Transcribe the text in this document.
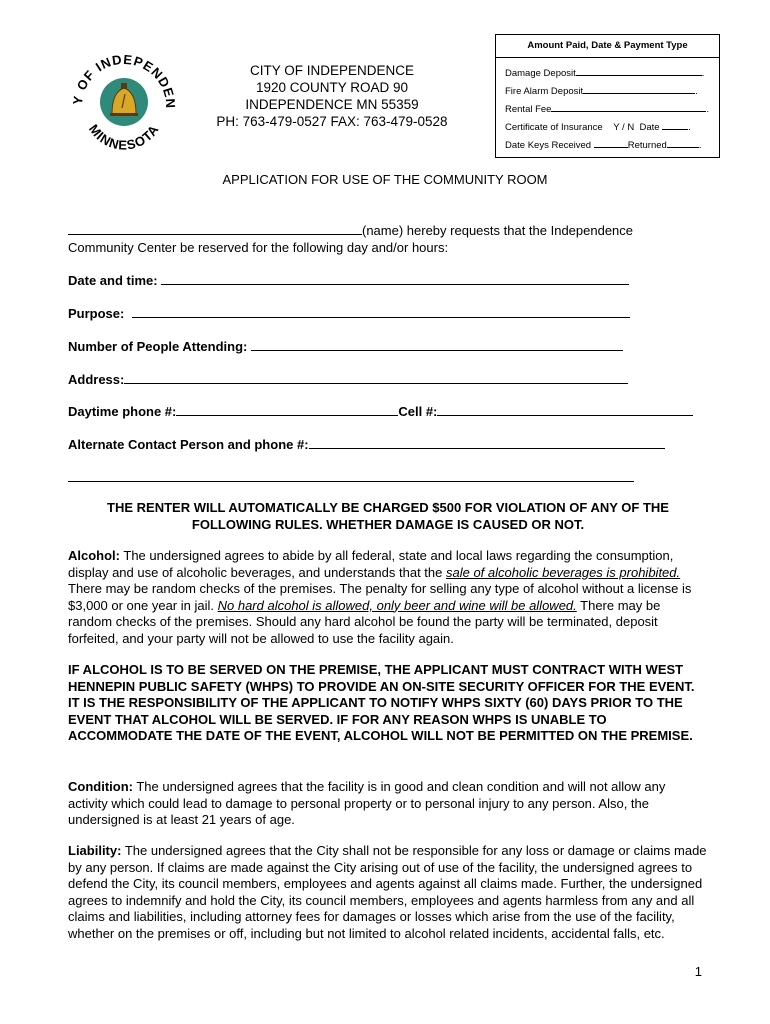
Y OF INDEPENDEN
MINNESOTA
CITY OF INDEPENDENCE
1920 COUNTY ROAD 90
INDEPENDENCE MN 55359
PH: 763-479-0527 FAX: 763-479-0528
Amount Paid, Date & Payment Type
Damage Deposit	.
Fire Alarm Deposit	.
Rental Fee	.
Certificate of Insurance Y / N Date	.
Date Keys Received	Returned	.
APPLICATION FOR USE OF THE COMMUNITY ROOM
(name) hereby requests that the Independence
Community Center be reserved for the following day and/or hours:
Date and time:
Purpose:
Number of People Attending:
Address:
Daytime phone #:	Cell #:
Alternate Contact Person and phone #:
THE RENTER WILL AUTOMATICALLY BE CHARGED $500 FOR VIOLATION OF ANY OF THE
FOLLOWING RULES. WHETHER DAMAGE IS CAUSED OR NOT.
Alcohol: The undersigned agrees to abide by all federal, state and local laws regarding the consumption, display and use of alcoholic beverages, and understands that the sale of alcoholic beverages is prohibited. There may be random checks of the premises. The penalty for selling any type of alcohol without a license is $3,000 or one year in jail. No hard alcohol is allowed, only beer and wine will be allowed. There may be random checks of the premises. Should any hard alcohol be found the party will be terminated, deposit forfeited, and your party will not be allowed to use the facility again.
IF ALCOHOL IS TO BE SERVED ON THE PREMISE, THE APPLICANT MUST CONTRACT WITH WEST HENNEPIN PUBLIC SAFETY (WHPS) TO PROVIDE AN ON-SITE SECURITY OFFICER FOR THE EVENT. IT IS THE RESPONSIBILITY OF THE APPLICANT TO NOTIFY WHPS SIXTY (60) DAYS PRIOR TO THE EVENT THAT ALCOHOL WILL BE SERVED. IF FOR ANY REASON WHPS IS UNABLE TO ACCOMMODATE THE DATE OF THE EVENT, ALCOHOL WILL NOT BE PERMITTED ON THE PREMISE.
Condition: The undersigned agrees that the facility is in good and clean condition and will not allow any activity which could lead to damage to personal property or to personal injury to any person. Also, the undersigned is at least 21 years of age.
Liability: The undersigned agrees that the City shall not be responsible for any loss or damage or claims made by any person. If claims are made against the City arising out of use of the facility, the undersigned agrees to defend the City, its council members, employees and agents against all claims made. Further, the undersigned agrees to indemnify and hold the City, its council members, employees and agents harmless from any and all claims and liabilities, including attorney fees for damages or losses which arise from the use of the facility, whether on the premises or off, including but not limited to alcohol related incidents, accidental falls, etc.
1
